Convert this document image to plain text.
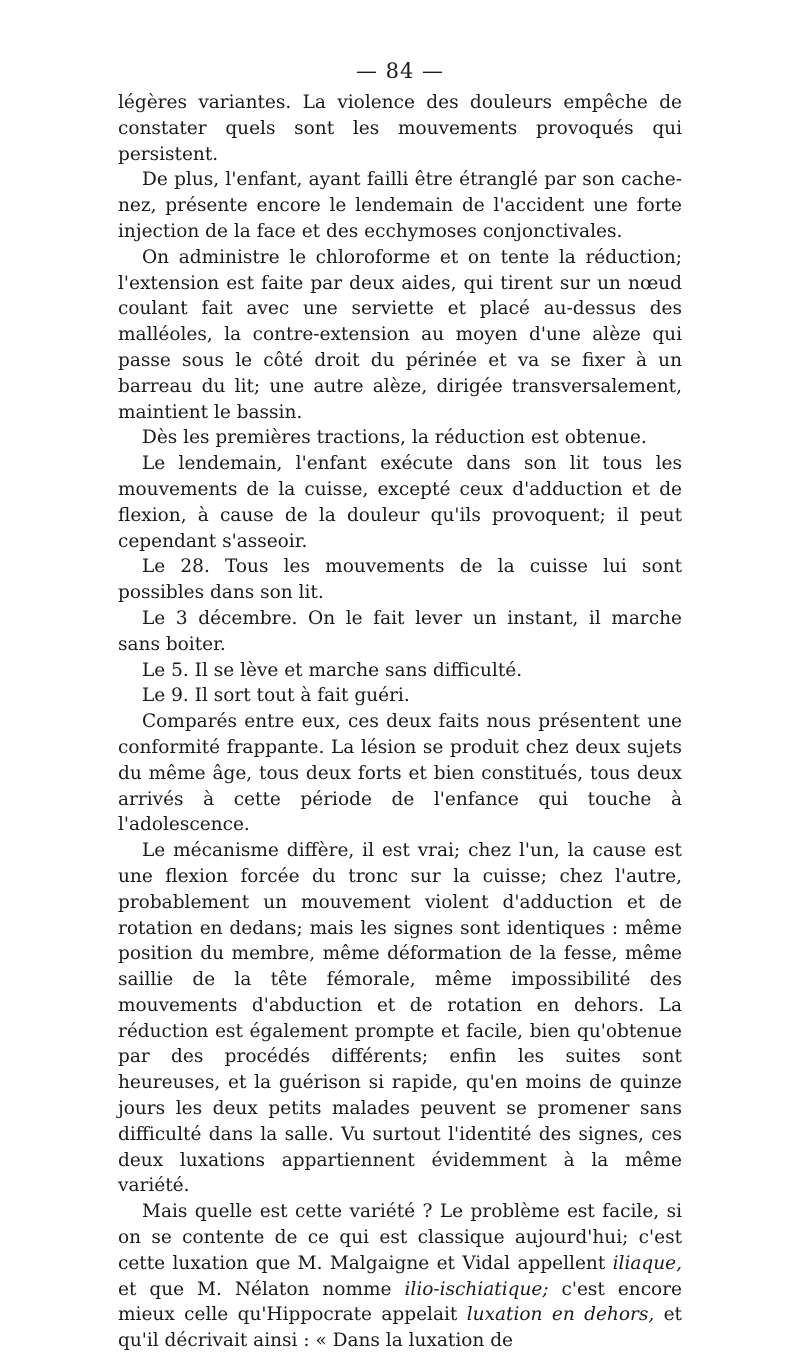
— 84 —

légères variantes. La violence des douleurs empêche de constater quels sont les mouvements provoqués qui persistent.

De plus, l'enfant, ayant failli être étranglé par son cache-nez, présente encore le lendemain de l'accident une forte injection de la face et des ecchymoses conjonctivales.

On administre le chloroforme et on tente la réduction; l'extension est faite par deux aides, qui tirent sur un nœud coulant fait avec une serviette et placé au-dessus des malléoles, la contre-extension au moyen d'une alèze qui passe sous le côté droit du périnée et va se fixer à un barreau du lit; une autre alèze, dirigée transversalement, maintient le bassin.

Dès les premières tractions, la réduction est obtenue.

Le lendemain, l'enfant exécute dans son lit tous les mouvements de la cuisse, excepté ceux d'adduction et de flexion, à cause de la douleur qu'ils provoquent; il peut cependant s'asseoir.

Le 28. Tous les mouvements de la cuisse lui sont possibles dans son lit.

Le 3 décembre. On le fait lever un instant, il marche sans boiter.

Le 5. Il se lève et marche sans difficulté.

Le 9. Il sort tout à fait guéri.

Comparés entre eux, ces deux faits nous présentent une conformité frappante. La lésion se produit chez deux sujets du même âge, tous deux forts et bien constitués, tous deux arrivés à cette période de l'enfance qui touche à l'adolescence.

Le mécanisme diffère, il est vrai; chez l'un, la cause est une flexion forcée du tronc sur la cuisse; chez l'autre, probablement un mouvement violent d'adduction et de rotation en dedans; mais les signes sont identiques : même position du membre, même déformation de la fesse, même saillie de la tête fémorale, même impossibilité des mouvements d'abduction et de rotation en dehors. La réduction est également prompte et facile, bien qu'obtenue par des procédés différents; enfin les suites sont heureuses, et la guérison si rapide, qu'en moins de quinze jours les deux petits malades peuvent se promener sans difficulté dans la salle. Vu surtout l'identité des signes, ces deux luxations appartiennent évidemment à la même variété.

Mais quelle est cette variété ? Le problème est facile, si on se contente de ce qui est classique aujourd'hui; c'est cette luxation que M. Malgaigne et Vidal appellent iliaque, et que M. Nélaton nomme ilio-ischiatique; c'est encore mieux celle qu'Hippocrate appelait luxation en dehors, et qu'il décrivait ainsi : « Dans la luxation de
